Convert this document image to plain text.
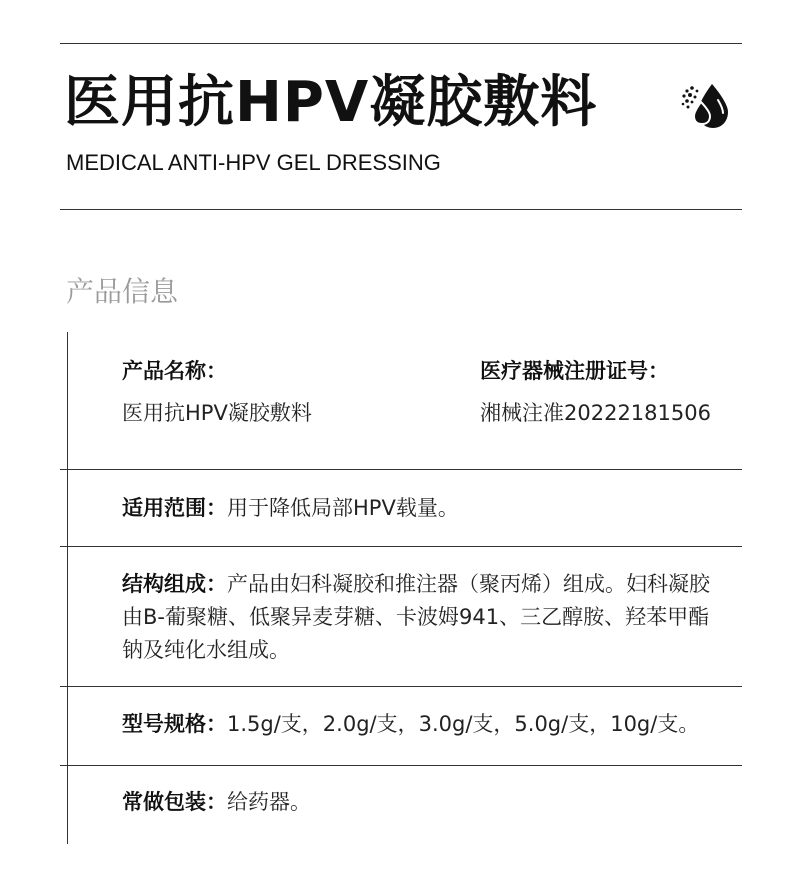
医用抗HPV凝胶敷料

MEDICAL ANTI-HPV GEL DRESSING

产品信息

产品名称：
医用抗HPV凝胶敷料
医疗器械注册证号：
湘械注准20222181506
适用范围：用于降低局部HPV载量。
结构组成：产品由妇科凝胶和推注器（聚丙烯）组成。妇科凝胶由B-葡聚糖、低聚异麦芽糖、卡波姆941、三乙醇胺、羟苯甲酯钠及纯化水组成。
型号规格：1.5g/支，2.0g/支，3.0g/支，5.0g/支，10g/支。
常做包装：给药器。
